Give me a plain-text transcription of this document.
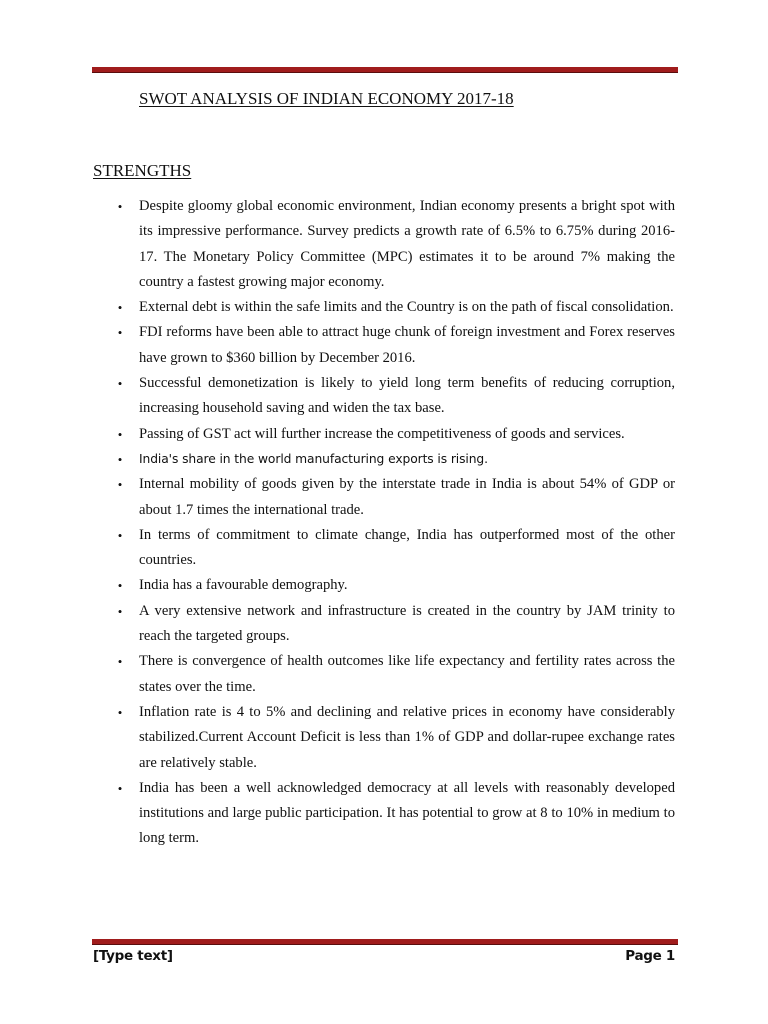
SWOT ANALYSIS OF INDIAN ECONOMY 2017-18
STRENGTHS
• Despite gloomy global economic environment, Indian economy presents a bright spot with its impressive performance. Survey predicts a growth rate of 6.5% to 6.75% during 2016-17. The Monetary Policy Committee (MPC) estimates it to be around 7% making the country a fastest growing major economy.
• External debt is within the safe limits and the Country is on the path of fiscal consolidation.
• FDI reforms have been able to attract huge chunk of foreign investment and Forex reserves have grown to $360 billion by December 2016.
• Successful demonetization is likely to yield long term benefits of reducing corruption, increasing household saving and widen the tax base.
• Passing of GST act will further increase the competitiveness of goods and services.
•	India's share in the world manufacturing exports is rising.
• Internal mobility of goods given by the interstate trade in India is about 54% of GDP or about 1.7 times the international trade.
• In terms of commitment to climate change, India has outperformed most of the other countries.
• India has a favourable demography.
• A very extensive network and infrastructure is created in the country by JAM trinity to reach the targeted groups.
• There is convergence of health outcomes like life expectancy and fertility rates across the states over the time.
• Inflation rate is 4 to 5% and declining and relative prices in economy have considerably stabilized.Current Account Deficit is less than 1% of GDP and dollar-rupee exchange rates are relatively stable.
• India has been a well acknowledged democracy at all levels with reasonably developed institutions and large public participation. It has potential to grow at 8 to 10% in medium to long term.
[Type text]	Page 1
